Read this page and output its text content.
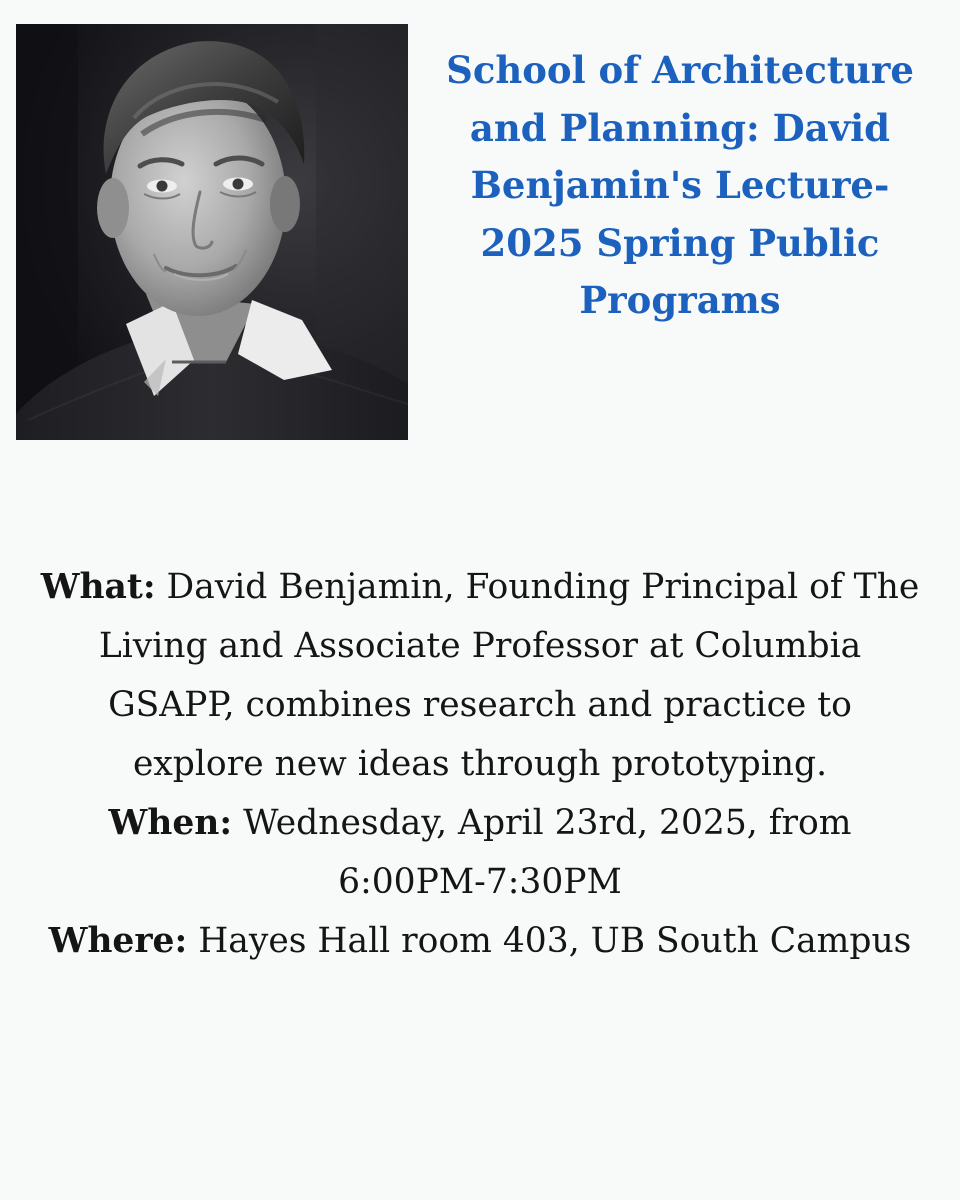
School of Architecture and Planning: David Benjamin's Lecture- 2025 Spring Public Programs

What: David Benjamin, Founding Principal of The Living and Associate Professor at Columbia GSAPP, combines research and practice to explore new ideas through prototyping.

When: Wednesday, April 23rd, 2025, from 6:00PM-7:30PM

Where: Hayes Hall room 403, UB South Campus
